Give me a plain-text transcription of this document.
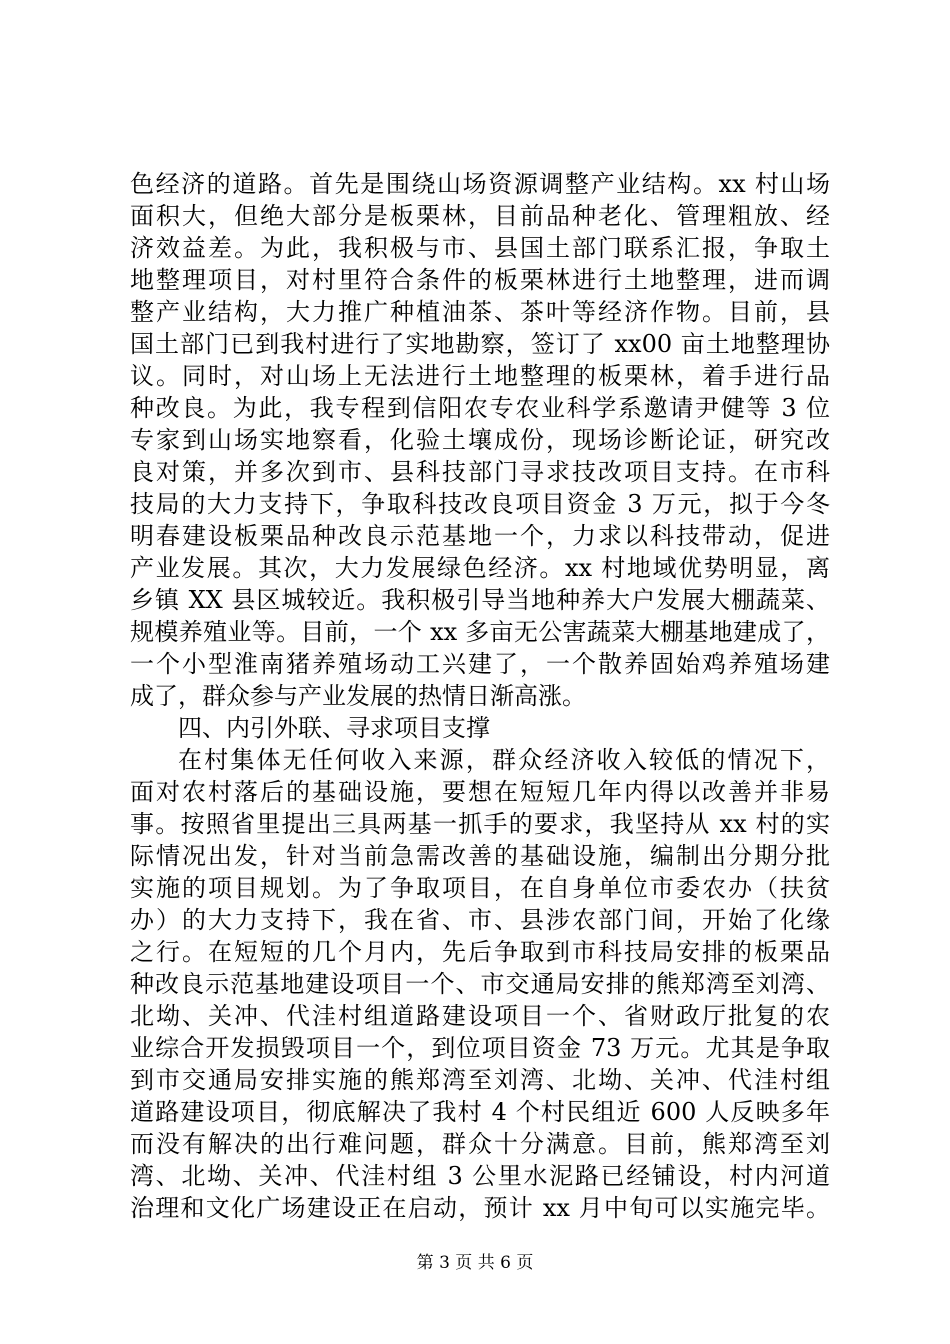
色经济的道路。首先是围绕山场资源调整产业结构。xx 村山场
面积大，但绝大部分是板栗林，目前品种老化、管理粗放、经
济效益差。为此，我积极与市、县国土部门联系汇报，争取土
地整理项目，对村里符合条件的板栗林进行土地整理，进而调
整产业结构，大力推广种植油茶、茶叶等经济作物。目前，县
国土部门已到我村进行了实地勘察，签订了 xx00 亩土地整理协
议。同时，对山场上无法进行土地整理的板栗林，着手进行品
种改良。为此，我专程到信阳农专农业科学系邀请尹健等 3 位
专家到山场实地察看，化验土壤成份，现场诊断论证，研究改
良对策，并多次到市、县科技部门寻求技改项目支持。在市科
技局的大力支持下，争取科技改良项目资金 3 万元，拟于今冬
明春建设板栗品种改良示范基地一个，力求以科技带动，促进
产业发展。其次，大力发展绿色经济。xx 村地域优势明显，离
乡镇 XX 县区城较近。我积极引导当地种养大户发展大棚蔬菜、
规模养殖业等。目前，一个 xx 多亩无公害蔬菜大棚基地建成了，
一个小型淮南猪养殖场动工兴建了，一个散养固始鸡养殖场建
成了，群众参与产业发展的热情日渐高涨。
四、内引外联、寻求项目支撑
在村集体无任何收入来源，群众经济收入较低的情况下，
面对农村落后的基础设施，要想在短短几年内得以改善并非易
事。按照省里提出三具两基一抓手的要求，我坚持从 xx 村的实
际情况出发，针对当前急需改善的基础设施，编制出分期分批
实施的项目规划。为了争取项目，在自身单位市委农办（扶贫
办）的大力支持下，我在省、市、县涉农部门间，开始了化缘
之行。在短短的几个月内，先后争取到市科技局安排的板栗品
种改良示范基地建设项目一个、市交通局安排的熊郑湾至刘湾、
北坳、关冲、代洼村组道路建设项目一个、省财政厅批复的农
业综合开发损毁项目一个，到位项目资金 73 万元。尤其是争取
到市交通局安排实施的熊郑湾至刘湾、北坳、关冲、代洼村组
道路建设项目，彻底解决了我村 4 个村民组近 600 人反映多年
而没有解决的出行难问题，群众十分满意。目前，熊郑湾至刘
湾、北坳、关冲、代洼村组 3 公里水泥路已经铺设，村内河道
治理和文化广场建设正在启动，预计 xx 月中旬可以实施完毕。
第 3 页 共 6 页
